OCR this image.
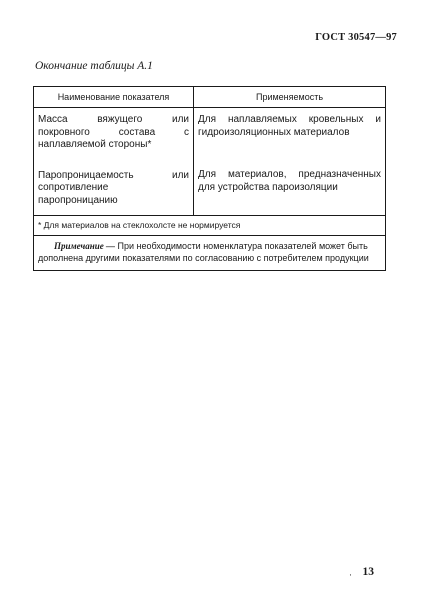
ГОСТ 30547—97
Окончание таблицы А.1
Наименование показателя	Применяемость
Масса вяжущего или покровного состава с наплавляемой стороны*
Паропроницаемость или сопротивление паропроницанию
Для наплавляемых кровельных и гидроизоляционных материалов
Для материалов, предназначенных для устройства пароизоляции
* Для материалов на стеклохолсте не нормируется
Примечание — При необходимости номенклатура показателей может быть
дополнена другими показателями по согласованию с потребителем продукции
· 13
